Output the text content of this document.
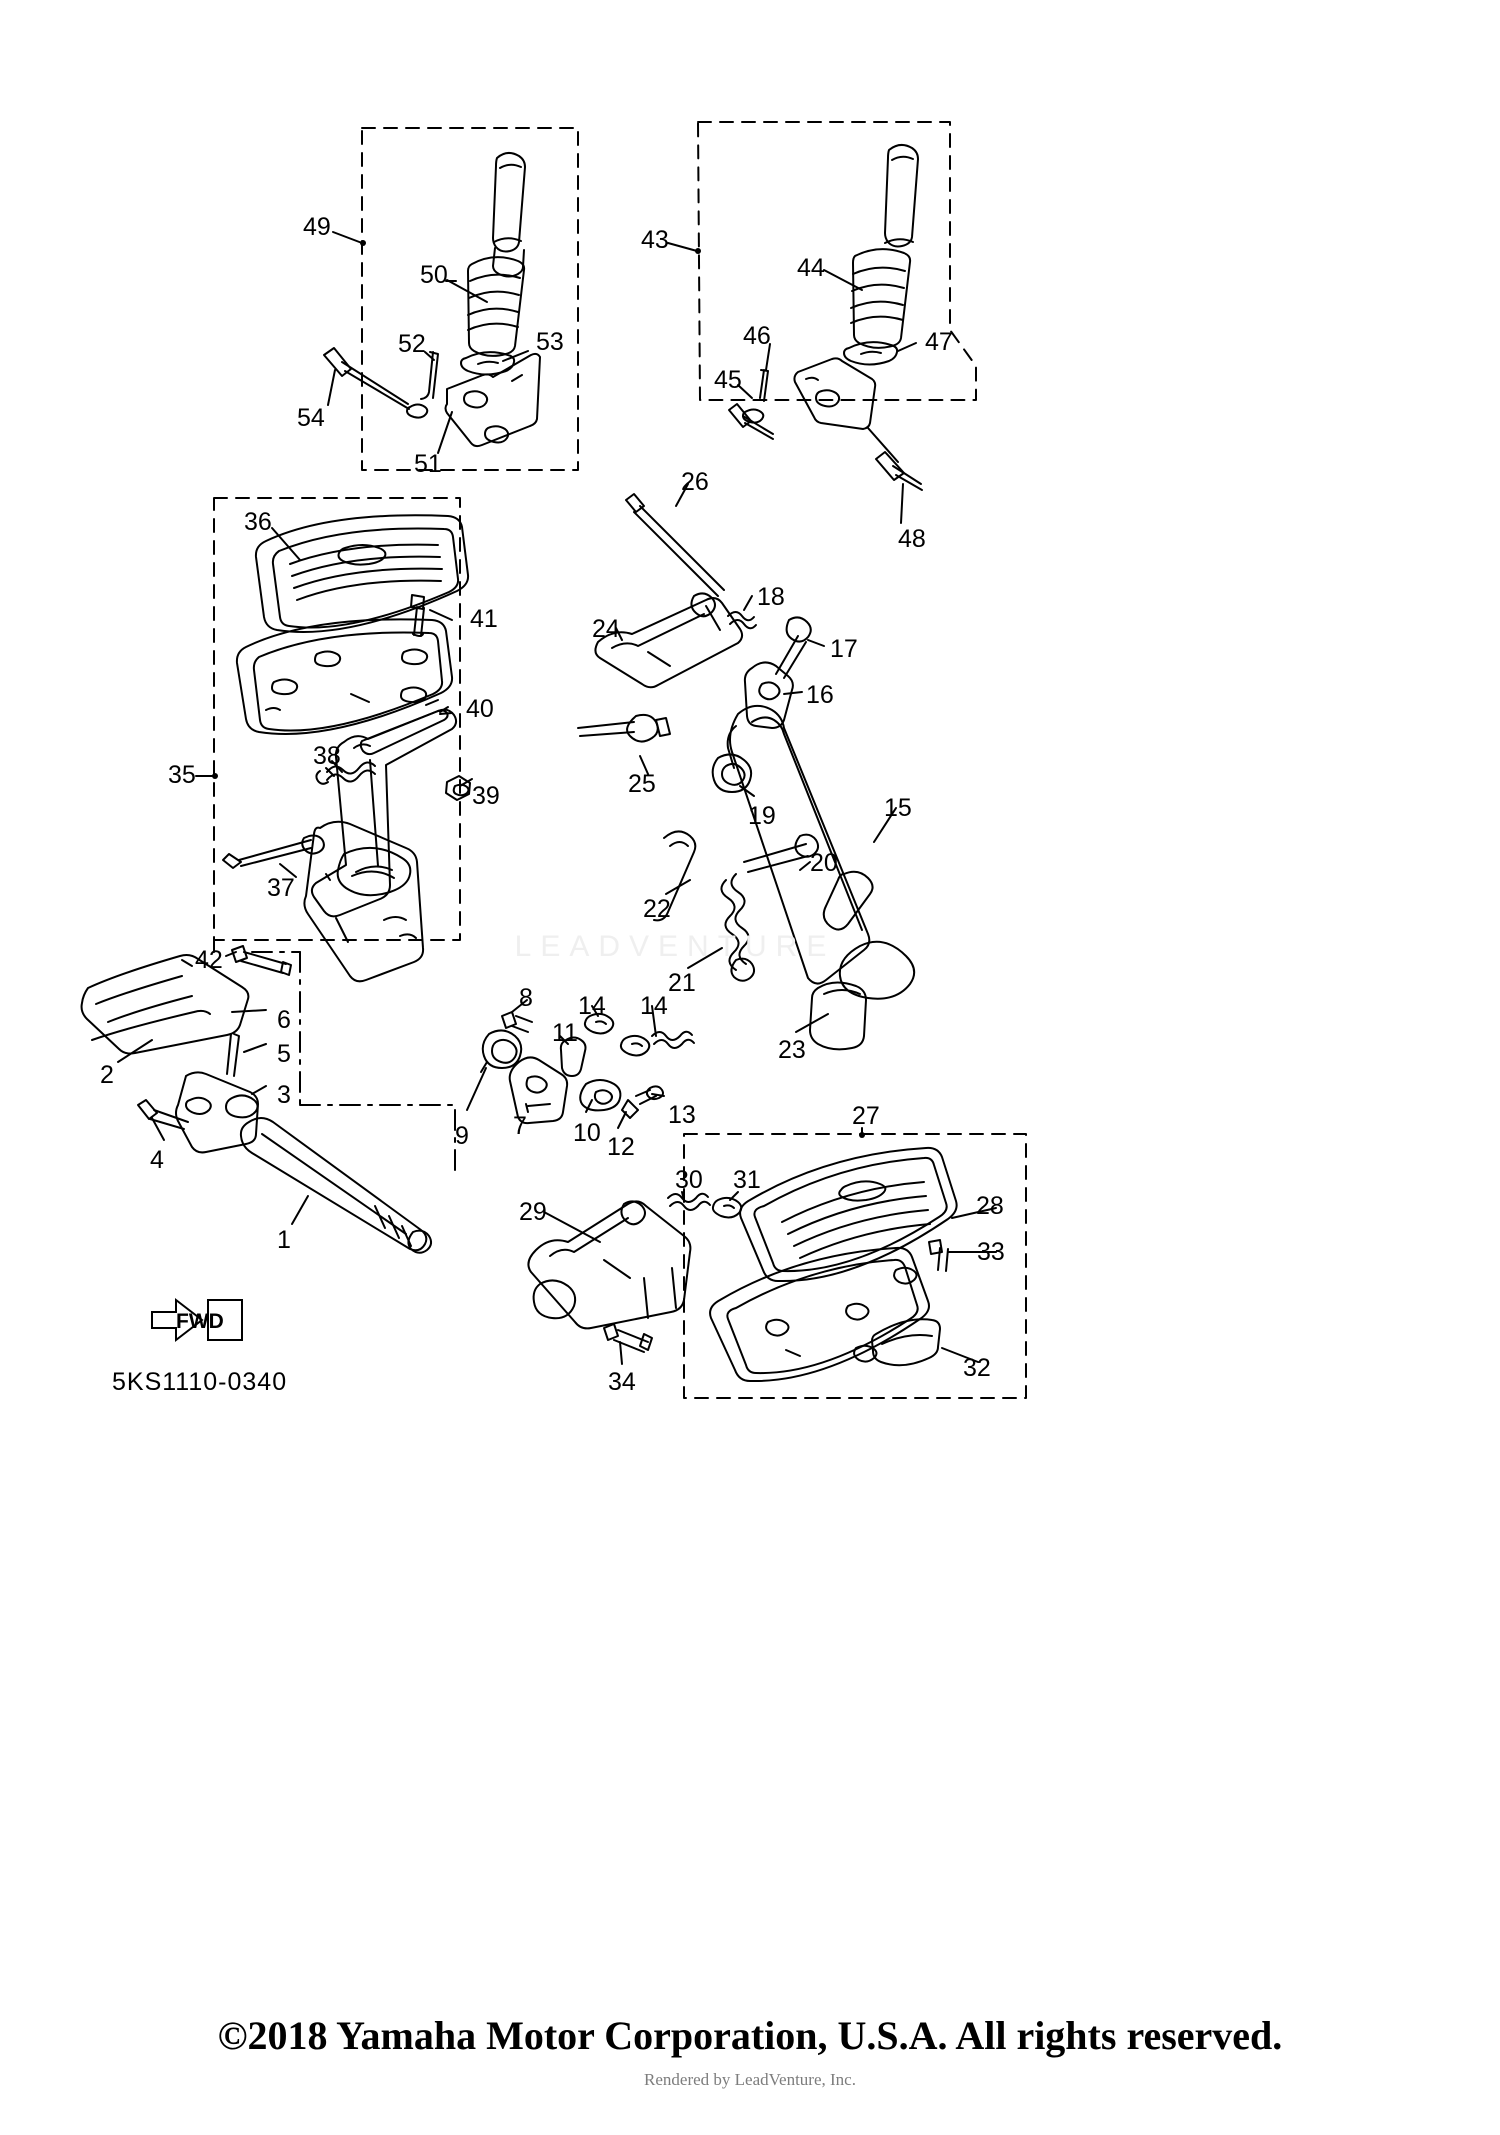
FWD
LEADVENTURE
1
2
3
4
5
6
7
8
9	10
11
12
13
14 14
15
16
17
18
19
20
21
22
23
24
25
26
27
28
29
30 31
32
33
34
35
36
37
38
39
40
41
42
43
44
45
46	47
48
49
50
51
52	53
54
5KS1110-0340
©2018 Yamaha Motor Corporation, U.S.A. All rights reserved.
Rendered by LeadVenture, Inc.
